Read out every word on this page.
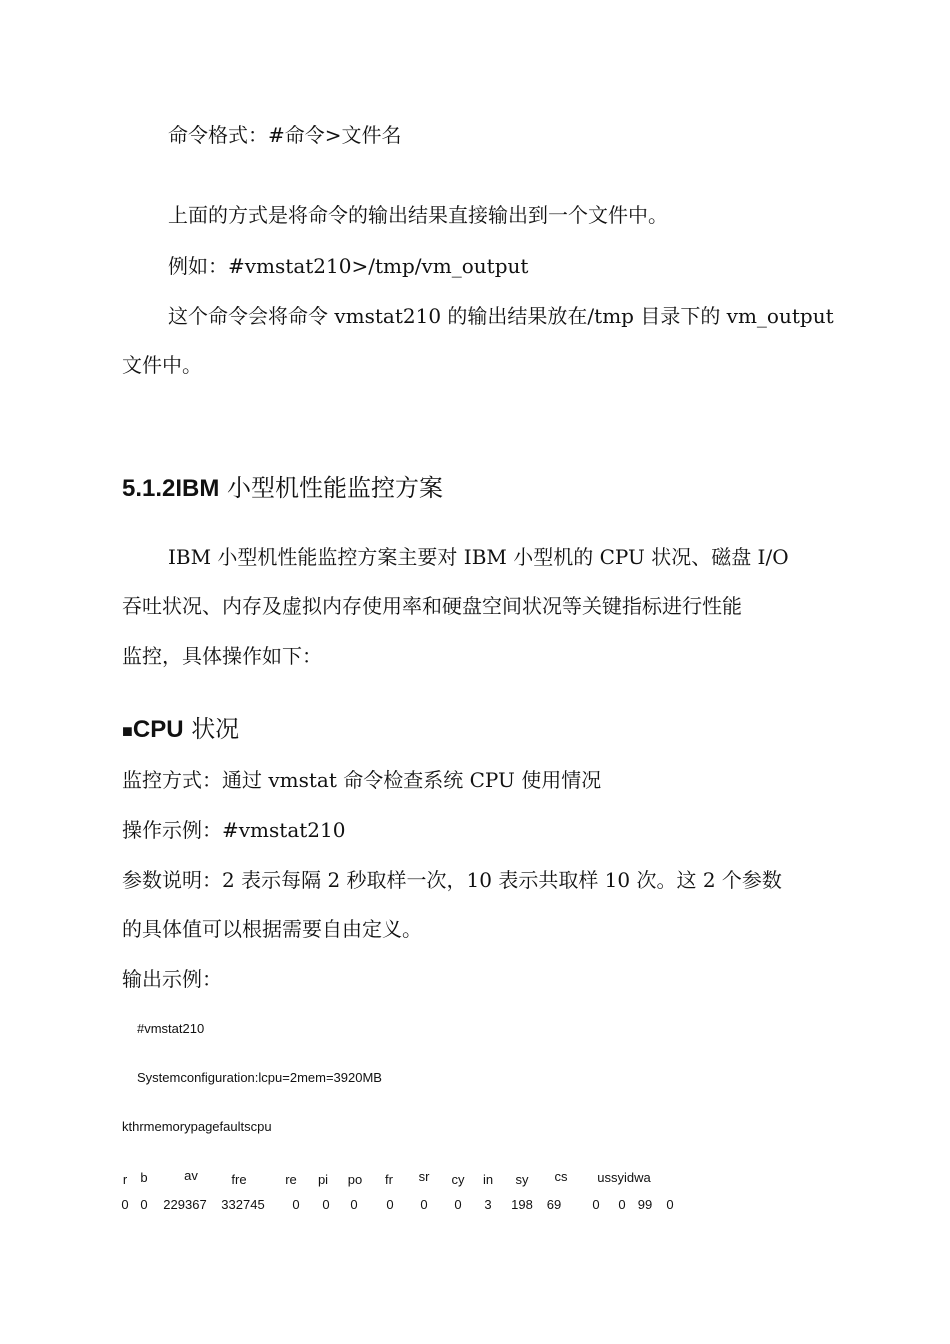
命令格式：#命令>文件名
上面的方式是将命令的输出结果直接输出到一个文件中。
例如：#vmstat210>/tmp/vm_output
这个命令会将命令 vmstat210 的输出结果放在/tmp 目录下的 vm_output
文件中。
5.1.2IBM 小型机性能监控方案
IBM 小型机性能监控方案主要对 IBM 小型机的 CPU 状况、磁盘 I/O
吞吐状况、内存及虚拟内存使用率和硬盘空间状况等关键指标进行性能
监控，具体操作如下：
■CPU 状况
监控方式：通过 vmstat 命令检查系统 CPU 使用情况
操作示例：#vmstat210
参数说明：2 表示每隔 2 秒取样一次，10 表示共取样 10 次。这 2 个参数
的具体值可以根据需要自由定义。
输出示例：
#vmstat210
Systemconfiguration:lcpu=2mem=3920MB
kthrmemorypagefaultscpu
r b	av	fre	re pi po fr sr cy in sy cs ussyidwa
0 0 229367 332745 0 0 0 0 0 0 3 198 69 0 0 99 0
